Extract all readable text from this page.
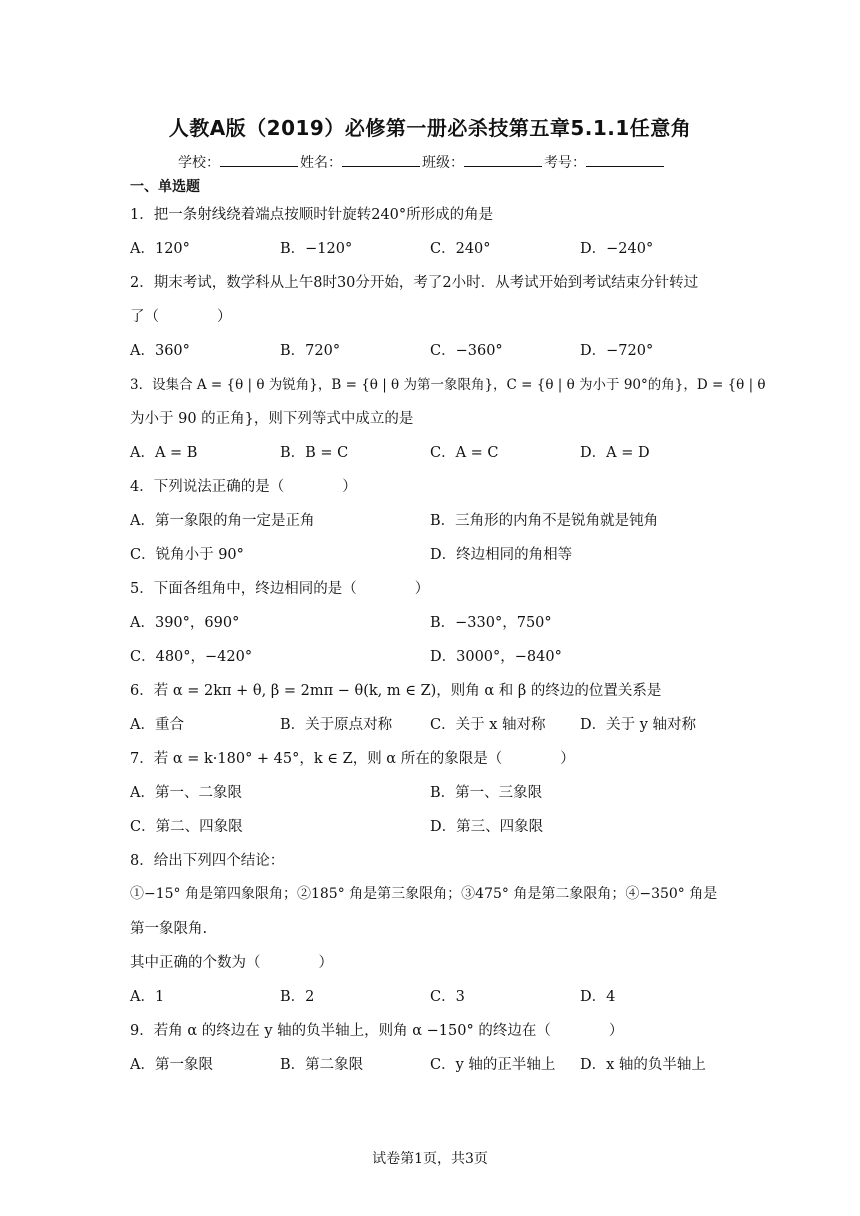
人教A版（2019）必修第一册必杀技第五章5.1.1任意角
学校：	姓名：	班级：	考号：
一、单选题
1．把一条射线绕着端点按顺时针旋转240°所形成的角是
A．120°	B．−120°	C．240°	D．−240°
2．期末考试，数学科从上午8时30分开始，考了2小时．从考试开始到考试结束分针转过
了（　　　　）
A．360°	B．720°	C．−360°	D．−720°
3．设集合 A = {θ | θ 为锐角}，B = {θ | θ 为第一象限角}，C = {θ | θ 为小于 90°的角}，D = {θ | θ
为小于 90 的正角}，则下列等式中成立的是
A．A = B	B．B = C	C．A = C	D．A = D
4．下列说法正确的是（　　　　）
A．第一象限的角一定是正角	B．三角形的内角不是锐角就是钝角
C．锐角小于 90°	D．终边相同的角相等
5．下面各组角中，终边相同的是（　　　　）
A．390°，690°	B．−330°，750°
C．480°，−420°	D．3000°，−840°
6．若 α = 2kπ + θ, β = 2mπ − θ(k, m ∈ Z)，则角 α 和 β 的终边的位置关系是
A．重合	B．关于原点对称	C．关于 x 轴对称 D．关于 y 轴对称
7．若 α = k·180° + 45°，k ∈ Z，则 α 所在的象限是（　　　　）
A．第一、二象限	B．第一、三象限
C．第二、四象限	D．第三、四象限
8．给出下列四个结论：
①−15° 角是第四象限角；②185° 角是第三象限角；③475° 角是第二象限角；④−350° 角是
第一象限角.
其中正确的个数为（　　　　）
A．1	B．2	C．3	D．4
9．若角 α 的终边在 y 轴的负半轴上，则角 α −150° 的终边在（　　　　）
A．第一象限	B．第二象限	C．y 轴的正半轴上 D．x 轴的负半轴上
试卷第1页，共3页
